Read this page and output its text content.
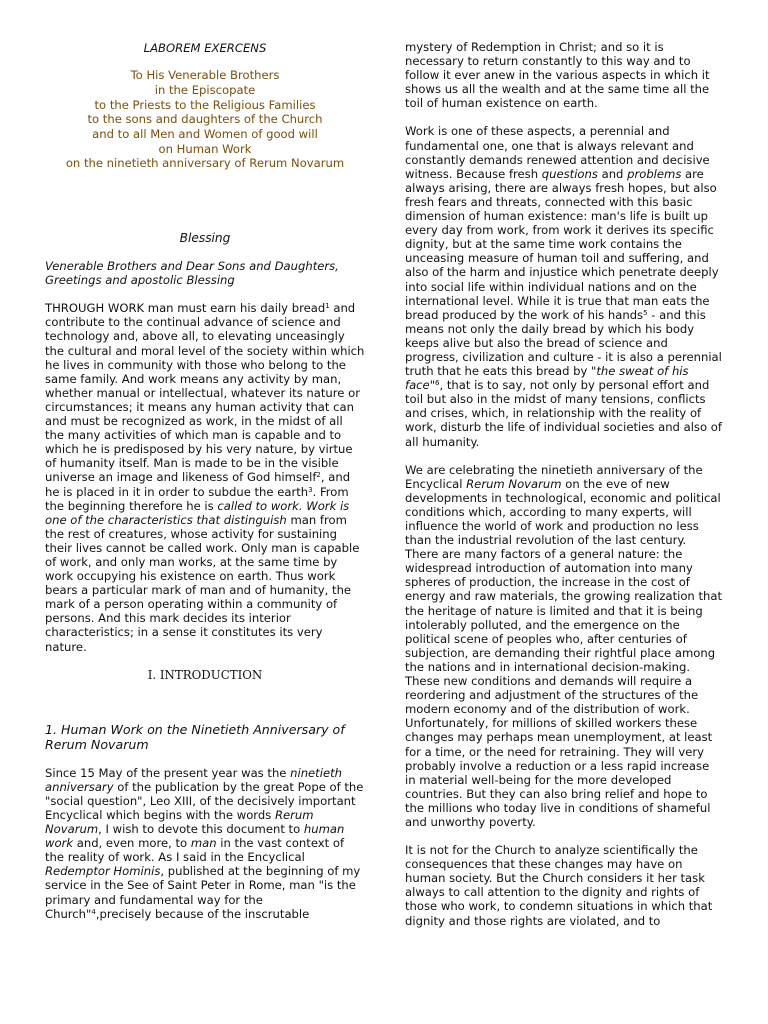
LABOREM EXERCENS
To His Venerable Brothers
in the Episcopate
to the Priests to the Religious Families
to the sons and daughters of the Church
and to all Men and Women of good will
on Human Work
on the ninetieth anniversary of Rerum Novarum
Blessing
Venerable Brothers and Dear Sons and Daughters,
Greetings and apostolic Blessing

THROUGH WORK man must earn his daily bread$^1$ and contribute to the continual advance of science and technology and, above all, to elevating unceasingly the cultural and moral level of the society within which he lives in community with those who belong to the same family. And work means any activity by man, whether manual or intellectual, whatever its nature or circumstances; it means any human activity that can and must be recognized as work, in the midst of all the many activities of which man is capable and to which he is predisposed by his very nature, by virtue of humanity itself. Man is made to be in the visible universe an image and likeness of God himself$^2$, and he is placed in it in order to subdue the earth$^3$. From the beginning therefore he is called to work. Work is one of the characteristics that distinguish man from the rest of creatures, whose activity for sustaining their lives cannot be called work. Only man is capable of work, and only man works, at the same time by work occupying his existence on earth. Thus work bears a particular mark of man and of humanity, the mark of a person operating within a community of persons. And this mark decides its interior characteristics; in a sense it constitutes its very nature.

I. INTRODUCTION
1. Human Work on the Ninetieth Anniversary of Rerum Novarum

Since 15 May of the present year was the ninetieth anniversary of the publication by the great Pope of the "social question", Leo XIII, of the decisively important Encyclical which begins with the words Rerum Novarum, I wish to devote this document to human work and, even more, to man in the vast context of the reality of work. As I said in the Encyclical Redemptor Hominis, published at the beginning of my service in the See of Saint Peter in Rome, man "is the primary and fundamental way for the Church"$^4$,precisely because of the inscrutable

mystery of Redemption in Christ; and so it is necessary to return constantly to this way and to follow it ever anew in the various aspects in which it shows us all the wealth and at the same time all the toil of human existence on earth.

Work is one of these aspects, a perennial and fundamental one, one that is always relevant and constantly demands renewed attention and decisive witness. Because fresh questions and problems are always arising, there are always fresh hopes, but also fresh fears and threats, connected with this basic dimension of human existence: man's life is built up every day from work, from work it derives its specific dignity, but at the same time work contains the unceasing measure of human toil and suffering, and also of the harm and injustice which penetrate deeply into social life within individual nations and on the international level. While it is true that man eats the bread produced by the work of his hands$^5$ - and this means not only the daily bread by which his body keeps alive but also the bread of science and progress, civilization and culture - it is also a perennial truth that he eats this bread by "the sweat of his face"$^6$, that is to say, not only by personal effort and toil but also in the midst of many tensions, conflicts and crises, which, in relationship with the reality of work, disturb the life of individual societies and also of all humanity.

We are celebrating the ninetieth anniversary of the Encyclical Rerum Novarum on the eve of new developments in technological, economic and political conditions which, according to many experts, will influence the world of work and production no less than the industrial revolution of the last century. There are many factors of a general nature: the widespread introduction of automation into many spheres of production, the increase in the cost of energy and raw materials, the growing realization that the heritage of nature is limited and that it is being intolerably polluted, and the emergence on the political scene of peoples who, after centuries of subjection, are demanding their rightful place among the nations and in international decision-making. These new conditions and demands will require a reordering and adjustment of the structures of the modern economy and of the distribution of work. Unfortunately, for millions of skilled workers these changes may perhaps mean unemployment, at least for a time, or the need for retraining. They will very probably involve a reduction or a less rapid increase in material well-being for the more developed countries. But they can also bring relief and hope to the millions who today live in conditions of shameful and unworthy poverty.

It is not for the Church to analyze scientifically the consequences that these changes may have on human society. But the Church considers it her task always to call attention to the dignity and rights of those who work, to condemn situations in which that dignity and those rights are violated, and to
